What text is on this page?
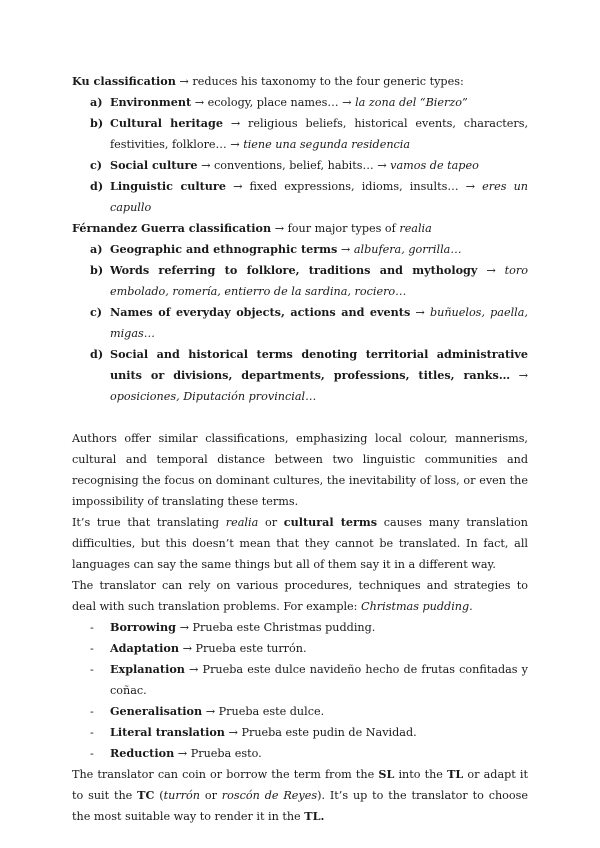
Ku classification → reduces his taxonomy to the four generic types:
a) Environment → ecology, place names… → la zona del “Bierzo”
b) Cultural heritage → religious beliefs, historical events, characters, festivities, folklore… → tiene una segunda residencia
c) Social culture → conventions, belief, habits… → vamos de tapeo
d) Linguistic culture → fixed expressions, idioms, insults… → eres un capullo
Férnandez Guerra classification → four major types of realia
a) Geographic and ethnographic terms → albufera, gorrilla…
b) Words referring to folklore, traditions and mythology → toro embolado, romería, entierro de la sardina, rociero…
c) Names of everyday objects, actions and events → buñuelos, paella, migas…
d) Social and historical terms denoting territorial administrative units or divisions, departments, professions, titles, ranks… → oposiciones, Diputación provincial…
Authors offer similar classifications, emphasizing local colour, mannerisms, cultural and temporal distance between two linguistic communities and recognising the focus on dominant cultures, the inevitability of loss, or even the impossibility of translating these terms.
It’s true that translating realia or cultural terms causes many translation difficulties, but this doesn’t mean that they cannot be translated. In fact, all languages can say the same things but all of them say it in a different way.
The translator can rely on various procedures, techniques and strategies to deal with such translation problems. For example: Christmas pudding.
- Borrowing → Prueba este Christmas pudding.
- Adaptation → Prueba este turrón.
- Explanation → Prueba este dulce navideño hecho de frutas confitadas y coñac.
- Generalisation → Prueba este dulce.
- Literal translation → Prueba este pudin de Navidad.
- Reduction → Prueba esto.
The translator can coin or borrow the term from the SL into the TL or adapt it to suit the TC (turrón or roscón de Reyes). It’s up to the translator to choose the most suitable way to render it in the TL.
